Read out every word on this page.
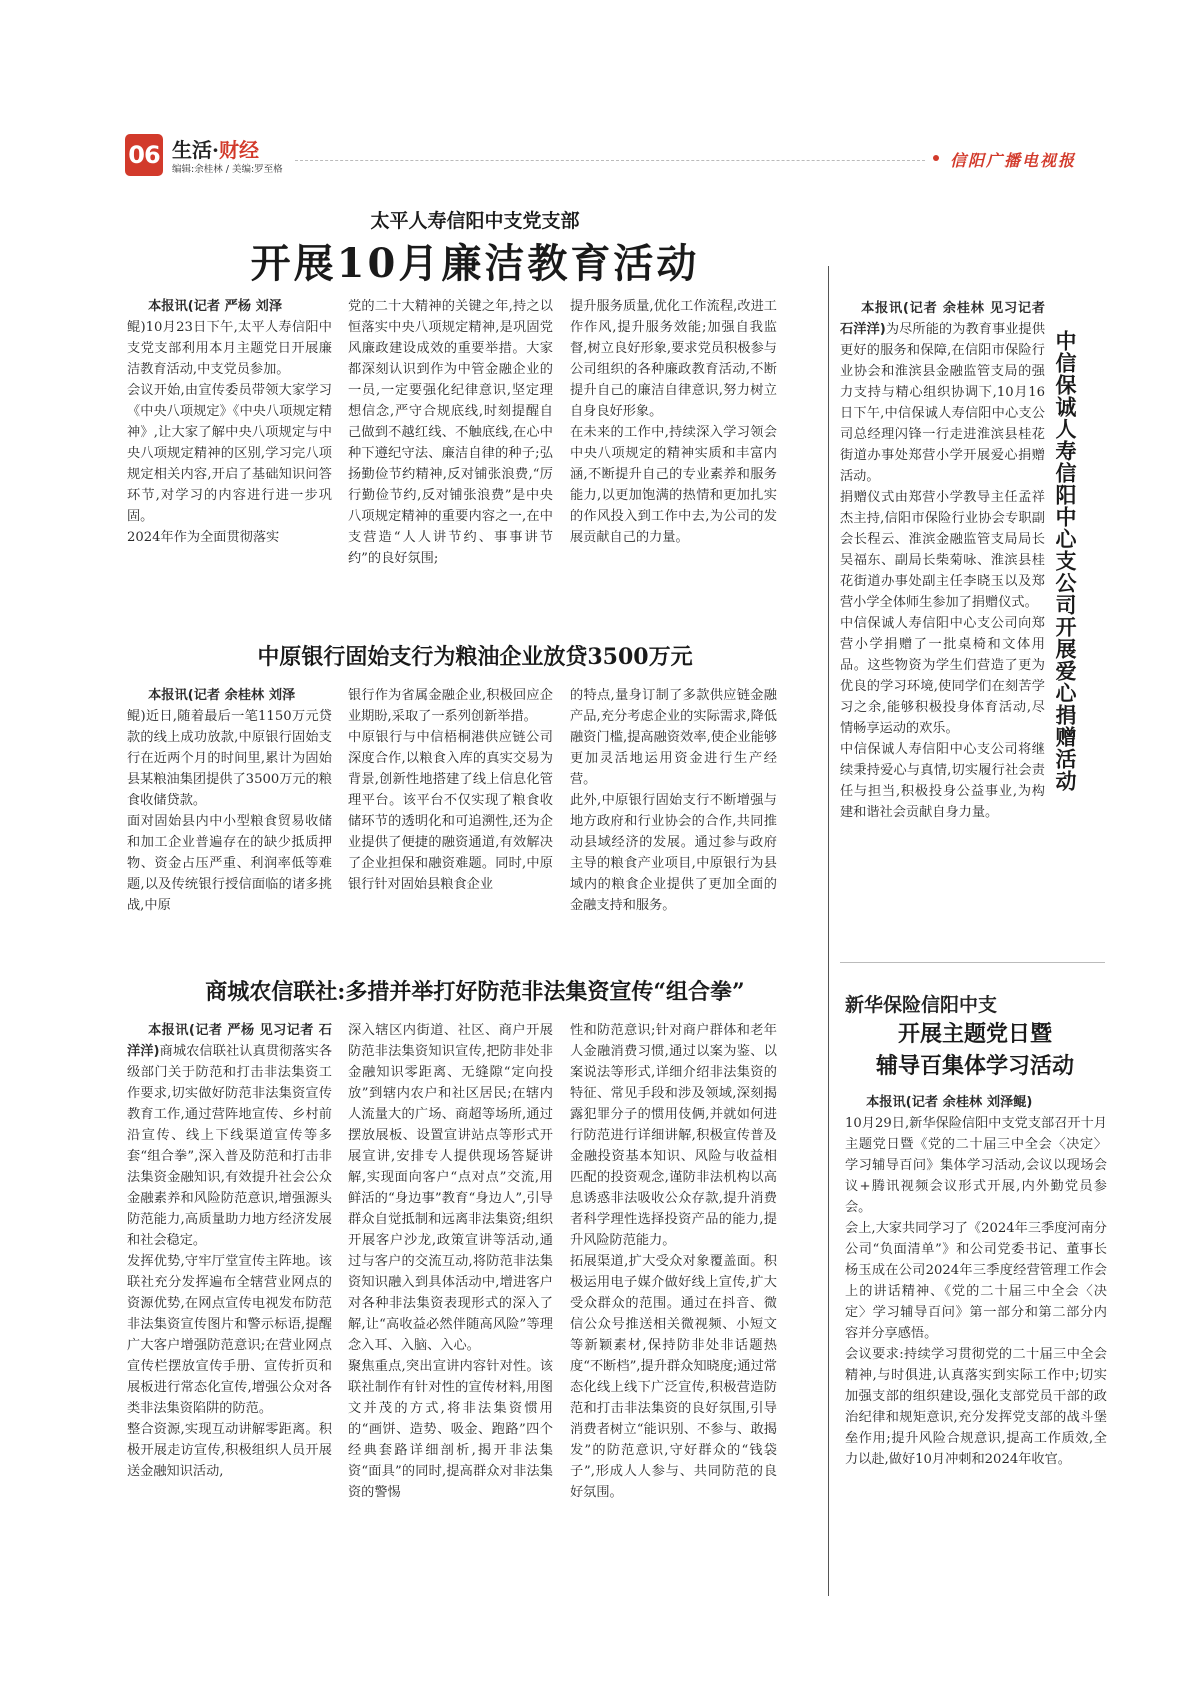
06 生活·财经
编辑:余桂林 / 美编:罗至格	信阳广播电视报
太平人寿信阳中支党支部
开展10月廉洁教育活动

本报讯(记者 严杨 刘泽

鲲)10月23日下午,太平人寿信阳中支党支部利用本月主题党日开展廉洁教育活动,中支党员参加。
会议开始,由宣传委员带领大家学习《中央八项规定》《中央八项规定精神》,让大家了解中央八项规定与中央八项规定精神的区别,学习完八项规定相关内容,开启了基础知识问答环节,对学习的内容进行进一步巩固。
2024年作为全面贯彻落实

党的二十大精神的关键之年,持之以恒落实中央八项规定精神,是巩固党风廉政建设成效的重要举措。大家都深刻认识到作为中管金融企业的一员,一定要强化纪律意识,坚定理想信念,严守合规底线,时刻提醒自己做到不越红线、不触底线,在心中种下遵纪守法、廉洁自律的种子;弘扬勤俭节约精神,反对铺张浪费,“厉行勤俭节约,反对铺张浪费”是中央八项规定精神的重要内容之一,在中支营造“人人讲节约、事事讲节约”的良好氛围;

提升服务质量,优化工作流程,改进工作作风,提升服务效能;加强自我监督,树立良好形象,要求党员积极参与公司组织的各种廉政教育活动,不断提升自己的廉洁自律意识,努力树立自身良好形象。
在未来的工作中,持续深入学习领会中央八项规定的精神实质和丰富内涵,不断提升自己的专业素养和服务能力,以更加饱满的热情和更加扎实的作风投入到工作中去,为公司的发展贡献自己的力量。

中原银行固始支行为粮油企业放贷3500万元

本报讯(记者 余桂林 刘泽

鲲)近日,随着最后一笔1150万元贷款的线上成功放款,中原银行固始支行在近两个月的时间里,累计为固始县某粮油集团提供了3500万元的粮食收储贷款。
面对固始县内中小型粮食贸易收储和加工企业普遍存在的缺少抵质押物、资金占压严重、利润率低等难题,以及传统银行授信面临的诸多挑战,中原

银行作为省属金融企业,积极回应企业期盼,采取了一系列创新举措。
中原银行与中信梧桐港供应链公司深度合作,以粮食入库的真实交易为背景,创新性地搭建了线上信息化管理平台。该平台不仅实现了粮食收储环节的透明化和可追溯性,还为企业提供了便捷的融资通道,有效解决了企业担保和融资难题。同时,中原银行针对固始县粮食企业

的特点,量身订制了多款供应链金融产品,充分考虑企业的实际需求,降低融资门槛,提高融资效率,使企业能够更加灵活地运用资金进行生产经营。
此外,中原银行固始支行不断增强与地方政府和行业协会的合作,共同推动县域经济的发展。通过参与政府主导的粮食产业项目,中原银行为县域内的粮食企业提供了更加全面的金融支持和服务。

商城农信联社:多措并举打好防范非法集资宣传“组合拳”

本报讯(记者 严杨 见习记者 石洋洋)商城农信联社认真贯彻落实各级部门关于防范和打击非法集资工作要求,切实做好防范非法集资宣传教育工作,通过营阵地宣传、乡村前沿宣传、线上下线渠道宣传等多套“组合拳”,深入普及防范和打击非法集资金融知识,有效提升社会公众金融素养和风险防范意识,增强源头防范能力,高质量助力地方经济发展和社会稳定。
发挥优势,守牢厅堂宣传主阵地。该联社充分发挥遍布全辖营业网点的资源优势,在网点宣传电视发布防范非法集资宣传图片和警示标语,提醒广大客户增强防范意识;在营业网点宣传栏摆放宣传手册、宣传折页和展板进行常态化宣传,增强公众对各类非法集资陷阱的防范。
整合资源,实现互动讲解零距离。积极开展走访宣传,积极组织人员开展送金融知识活动,

深入辖区内街道、社区、商户开展防范非法集资知识宣传,把防非处非金融知识零距离、无缝隙“定向投放”到辖内农户和社区居民;在辖内人流量大的广场、商超等场所,通过摆放展板、设置宣讲站点等形式开展宣讲,安排专人提供现场答疑讲解,实现面向客户“点对点”交流,用鲜活的“身边事”教育“身边人”,引导群众自觉抵制和远离非法集资;组织开展客户沙龙,政策宣讲等活动,通过与客户的交流互动,将防范非法集资知识融入到具体活动中,增进客户对各种非法集资表现形式的深入了解,让“高收益必然伴随高风险”等理念入耳、入脑、入心。
聚焦重点,突出宣讲内容针对性。该联社制作有针对性的宣传材料,用图文并茂的方式,将非法集资惯用的“画饼、造势、吸金、跑路”四个经典套路详细剖析,揭开非法集资“面具”的同时,提高群众对非法集资的警惕

性和防范意识;针对商户群体和老年人金融消费习惯,通过以案为鉴、以案说法等形式,详细介绍非法集资的特征、常见手段和涉及领域,深刻揭露犯罪分子的惯用伎俩,并就如何进行防范进行详细讲解,积极宣传普及金融投资基本知识、风险与收益相匹配的投资观念,谨防非法机构以高息诱惑非法吸收公众存款,提升消费者科学理性选择投资产品的能力,提升风险防范能力。
拓展渠道,扩大受众对象覆盖面。积极运用电子媒介做好线上宣传,扩大受众群众的范围。通过在抖音、微信公众号推送相关微视频、小短文等新颖素材,保持防非处非话题热度“不断档”,提升群众知晓度;通过常态化线上线下广泛宣传,积极营造防范和打击非法集资的良好氛围,引导消费者树立“能识别、不参与、敢揭发”的防范意识,守好群众的“钱袋子”,形成人人参与、共同防范的良好氛围。

本报讯(记者 余桂林 见习记者 石洋洋)为尽所能的为教育事业提供更好的服务和保障,在信阳市保险行业协会和淮滨县金融监管支局的强力支持与精心组织协调下,10月16日下午,中信保诚人寿信阳中心支公司总经理闪锋一行走进淮滨县桂花街道办事处郑营小学开展爱心捐赠活动。
捐赠仪式由郑营小学教导主任孟祥杰主持,信阳市保险行业协会专职副会长程云、淮滨金融监管支局局长吴福东、副局长柴菊咏、淮滨县桂花街道办事处副主任李晓玉以及郑营小学全体师生参加了捐赠仪式。
中信保诚人寿信阳中心支公司向郑营小学捐赠了一批桌椅和文体用品。这些物资为学生们营造了更为优良的学习环境,使同学们在刻苦学习之余,能够积极投身体育活动,尽情畅享运动的欢乐。
中信保诚人寿信阳中心支公司将继续秉持爱心与真情,切实履行社会责任与担当,积极投身公益事业,为构建和谐社会贡献自身力量。

中信保诚人寿信阳中心支公司开展爱心捐赠活动
新华保险信阳中支
开展主题党日暨
辅导百集体学习活动

本报讯(记者 余桂林 刘泽鲲)

10月29日,新华保险信阳中支党支部召开十月主题党日暨《党的二十届三中全会〈决定〉学习辅导百问》集体学习活动,会议以现场会议+腾讯视频会议形式开展,内外勤党员参会。
会上,大家共同学习了《2024年三季度河南分公司“负面清单”》和公司党委书记、董事长杨玉成在公司2024年三季度经营管理工作会上的讲话精神、《党的二十届三中全会〈决定〉学习辅导百问》第一部分和第二部分内容并分享感悟。
会议要求:持续学习贯彻党的二十届三中全会精神,与时俱进,认真落实到实际工作中;切实加强支部的组织建设,强化支部党员干部的政治纪律和规矩意识,充分发挥党支部的战斗堡垒作用;提升风险合规意识,提高工作质效,全力以赴,做好10月冲刺和2024年收官。
